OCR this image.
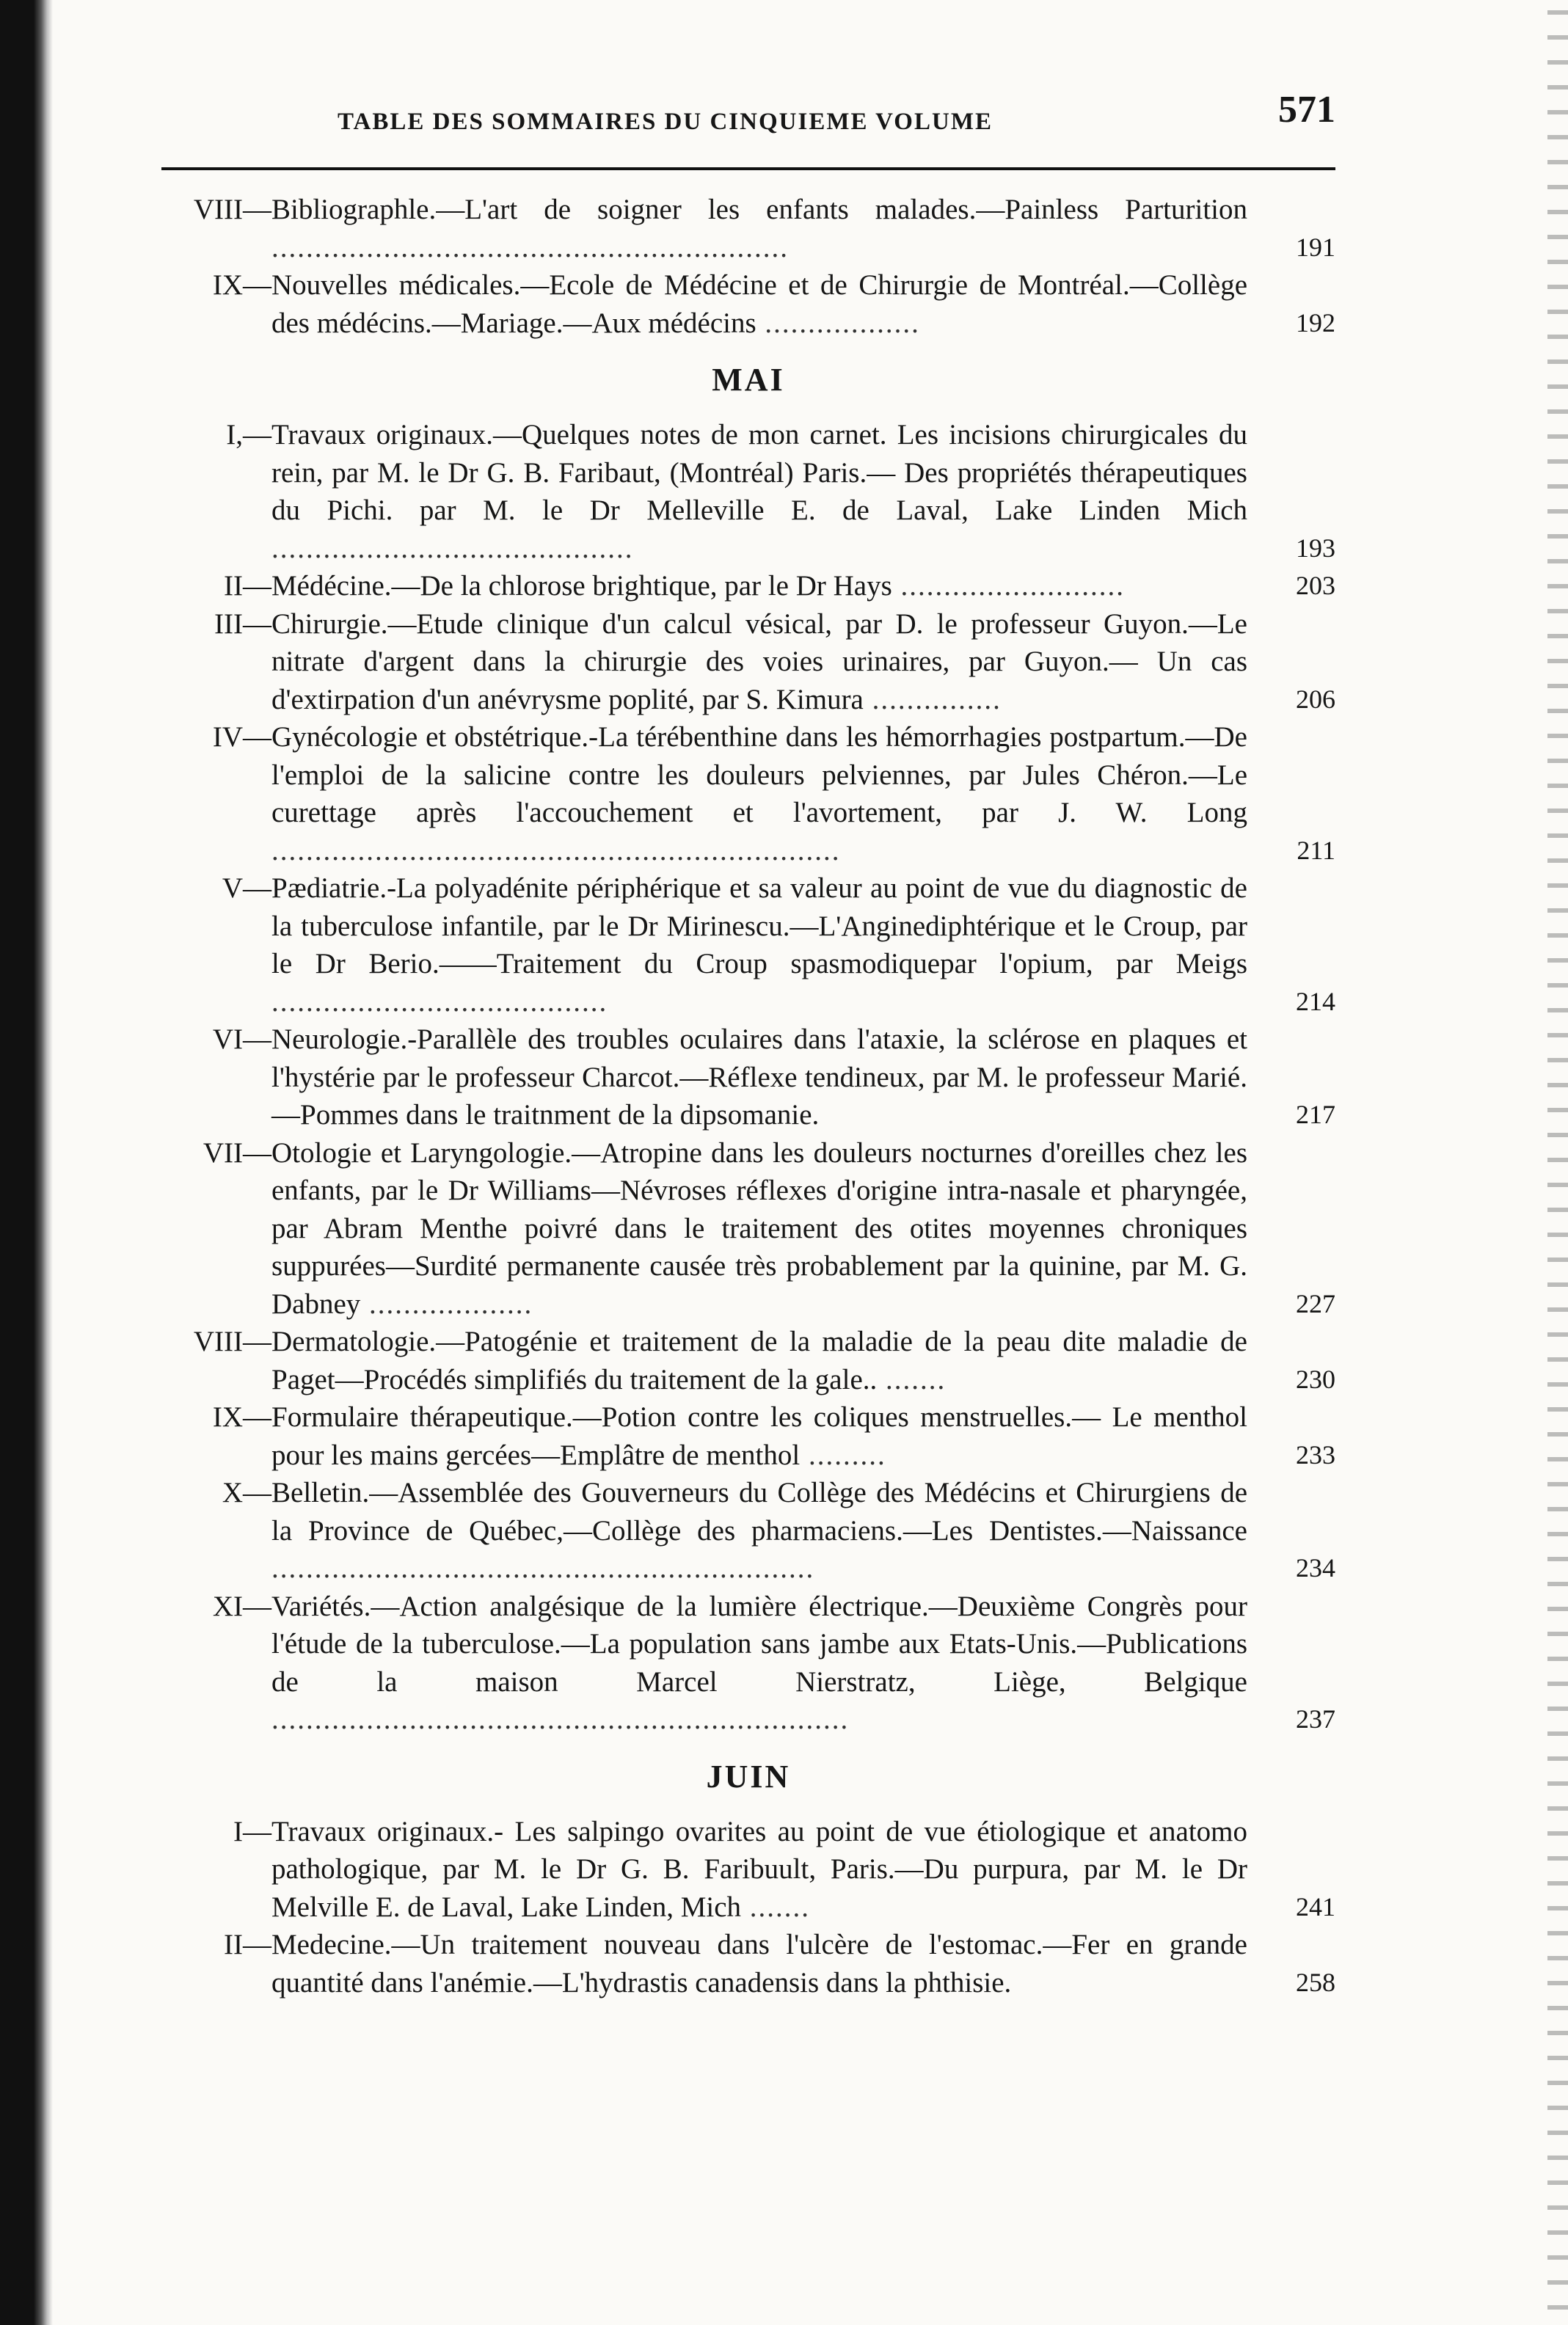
TABLE DES SOMMAIRES DU CINQUIEME VOLUME	571
VIII— Bibliographle.—L'art de soigner les enfants malades.—Painless Parturition ............................................................	191
IX— Nouvelles médicales.—Ecole de Médécine et de Chirurgie de Montréal.—Collège des médécins.—Mariage.—Aux médécins ..................	192
MAI
I,— Travaux originaux.—Quelques notes de mon carnet. Les incisions chirurgicales du rein, par M. le Dr G. B. Faribaut, (Montréal) Paris.— Des propriétés thérapeutiques du Pichi. par M. le Dr Melleville E. de Laval, Lake Linden Mich ..........................................	193
II— Médécine.—De la chlorose brightique, par le Dr Hays ..........................	203
III— Chirurgie.—Etude clinique d'un calcul vésical, par D. le professeur Guyon.—Le nitrate d'argent dans la chirurgie des voies urinaires, par Guyon.— Un cas d'extirpation d'un anévrysme poplité, par S. Kimura ...............	206
IV— Gynécologie et obstétrique.-La térébenthine dans les hémorrhagies postpartum.—De l'emploi de la salicine contre les douleurs pelviennes, par Jules Chéron.—Le curettage après l'accouchement et l'avortement, par J. W. Long ..................................................................	211
V— Pædiatrie.-La polyadénite périphérique et sa valeur au point de vue du diagnostic de la tuberculose infantile, par le Dr Mirinescu.—L'Anginediphtérique et le Croup, par le Dr Berio.——Traitement du Croup spasmodiquepar l'opium, par Meigs .......................................	214
VI— Neurologie.-Parallèle des troubles oculaires dans l'ataxie, la sclérose en plaques et l'hystérie par le professeur Charcot.—Réflexe tendineux, par M. le professeur Marié.—Pommes dans le traitnment de la dipsomanie.	217
VII— Otologie et Laryngologie.—Atropine dans les douleurs nocturnes d'oreilles chez les enfants, par le Dr Williams—Névroses réflexes d'origine intra-nasale et pharyngée, par Abram Menthe poivré dans le traitement des otites moyennes chroniques suppurées—Surdité permanente causée très probablement par la quinine, par M. G. Dabney ...................	227
VIII— Dermatologie.—Patogénie et traitement de la maladie de la peau dite maladie de Paget—Procédés simplifiés du traitement de la gale.. .......	230
IX— Formulaire thérapeutique.—Potion contre les coliques menstruelles.— Le menthol pour les mains gercées—Emplâtre de menthol .........	233
X— Belletin.—Assemblée des Gouverneurs du Collège des Médécins et Chirurgiens de la Province de Québec,—Collège des pharmaciens.—Les Dentistes.—Naissance ...............................................................	234
XI— Variétés.—Action analgésique de la lumière électrique.—Deuxième Congrès pour l'étude de la tuberculose.—La population sans jambe aux Etats-Unis.—Publications de la maison Marcel Nierstratz, Liège, Belgique ...................................................................	237
JUIN
I— Travaux originaux.- Les salpingo ovarites au point de vue étiologique et anatomo pathologique, par M. le Dr G. B. Faribuult, Paris.—Du purpura, par M. le Dr Melville E. de Laval, Lake Linden, Mich .......	241
II— Medecine.—Un traitement nouveau dans l'ulcère de l'estomac.—Fer en grande quantité dans l'anémie.—L'hydrastis canadensis dans la phthisie.	258
